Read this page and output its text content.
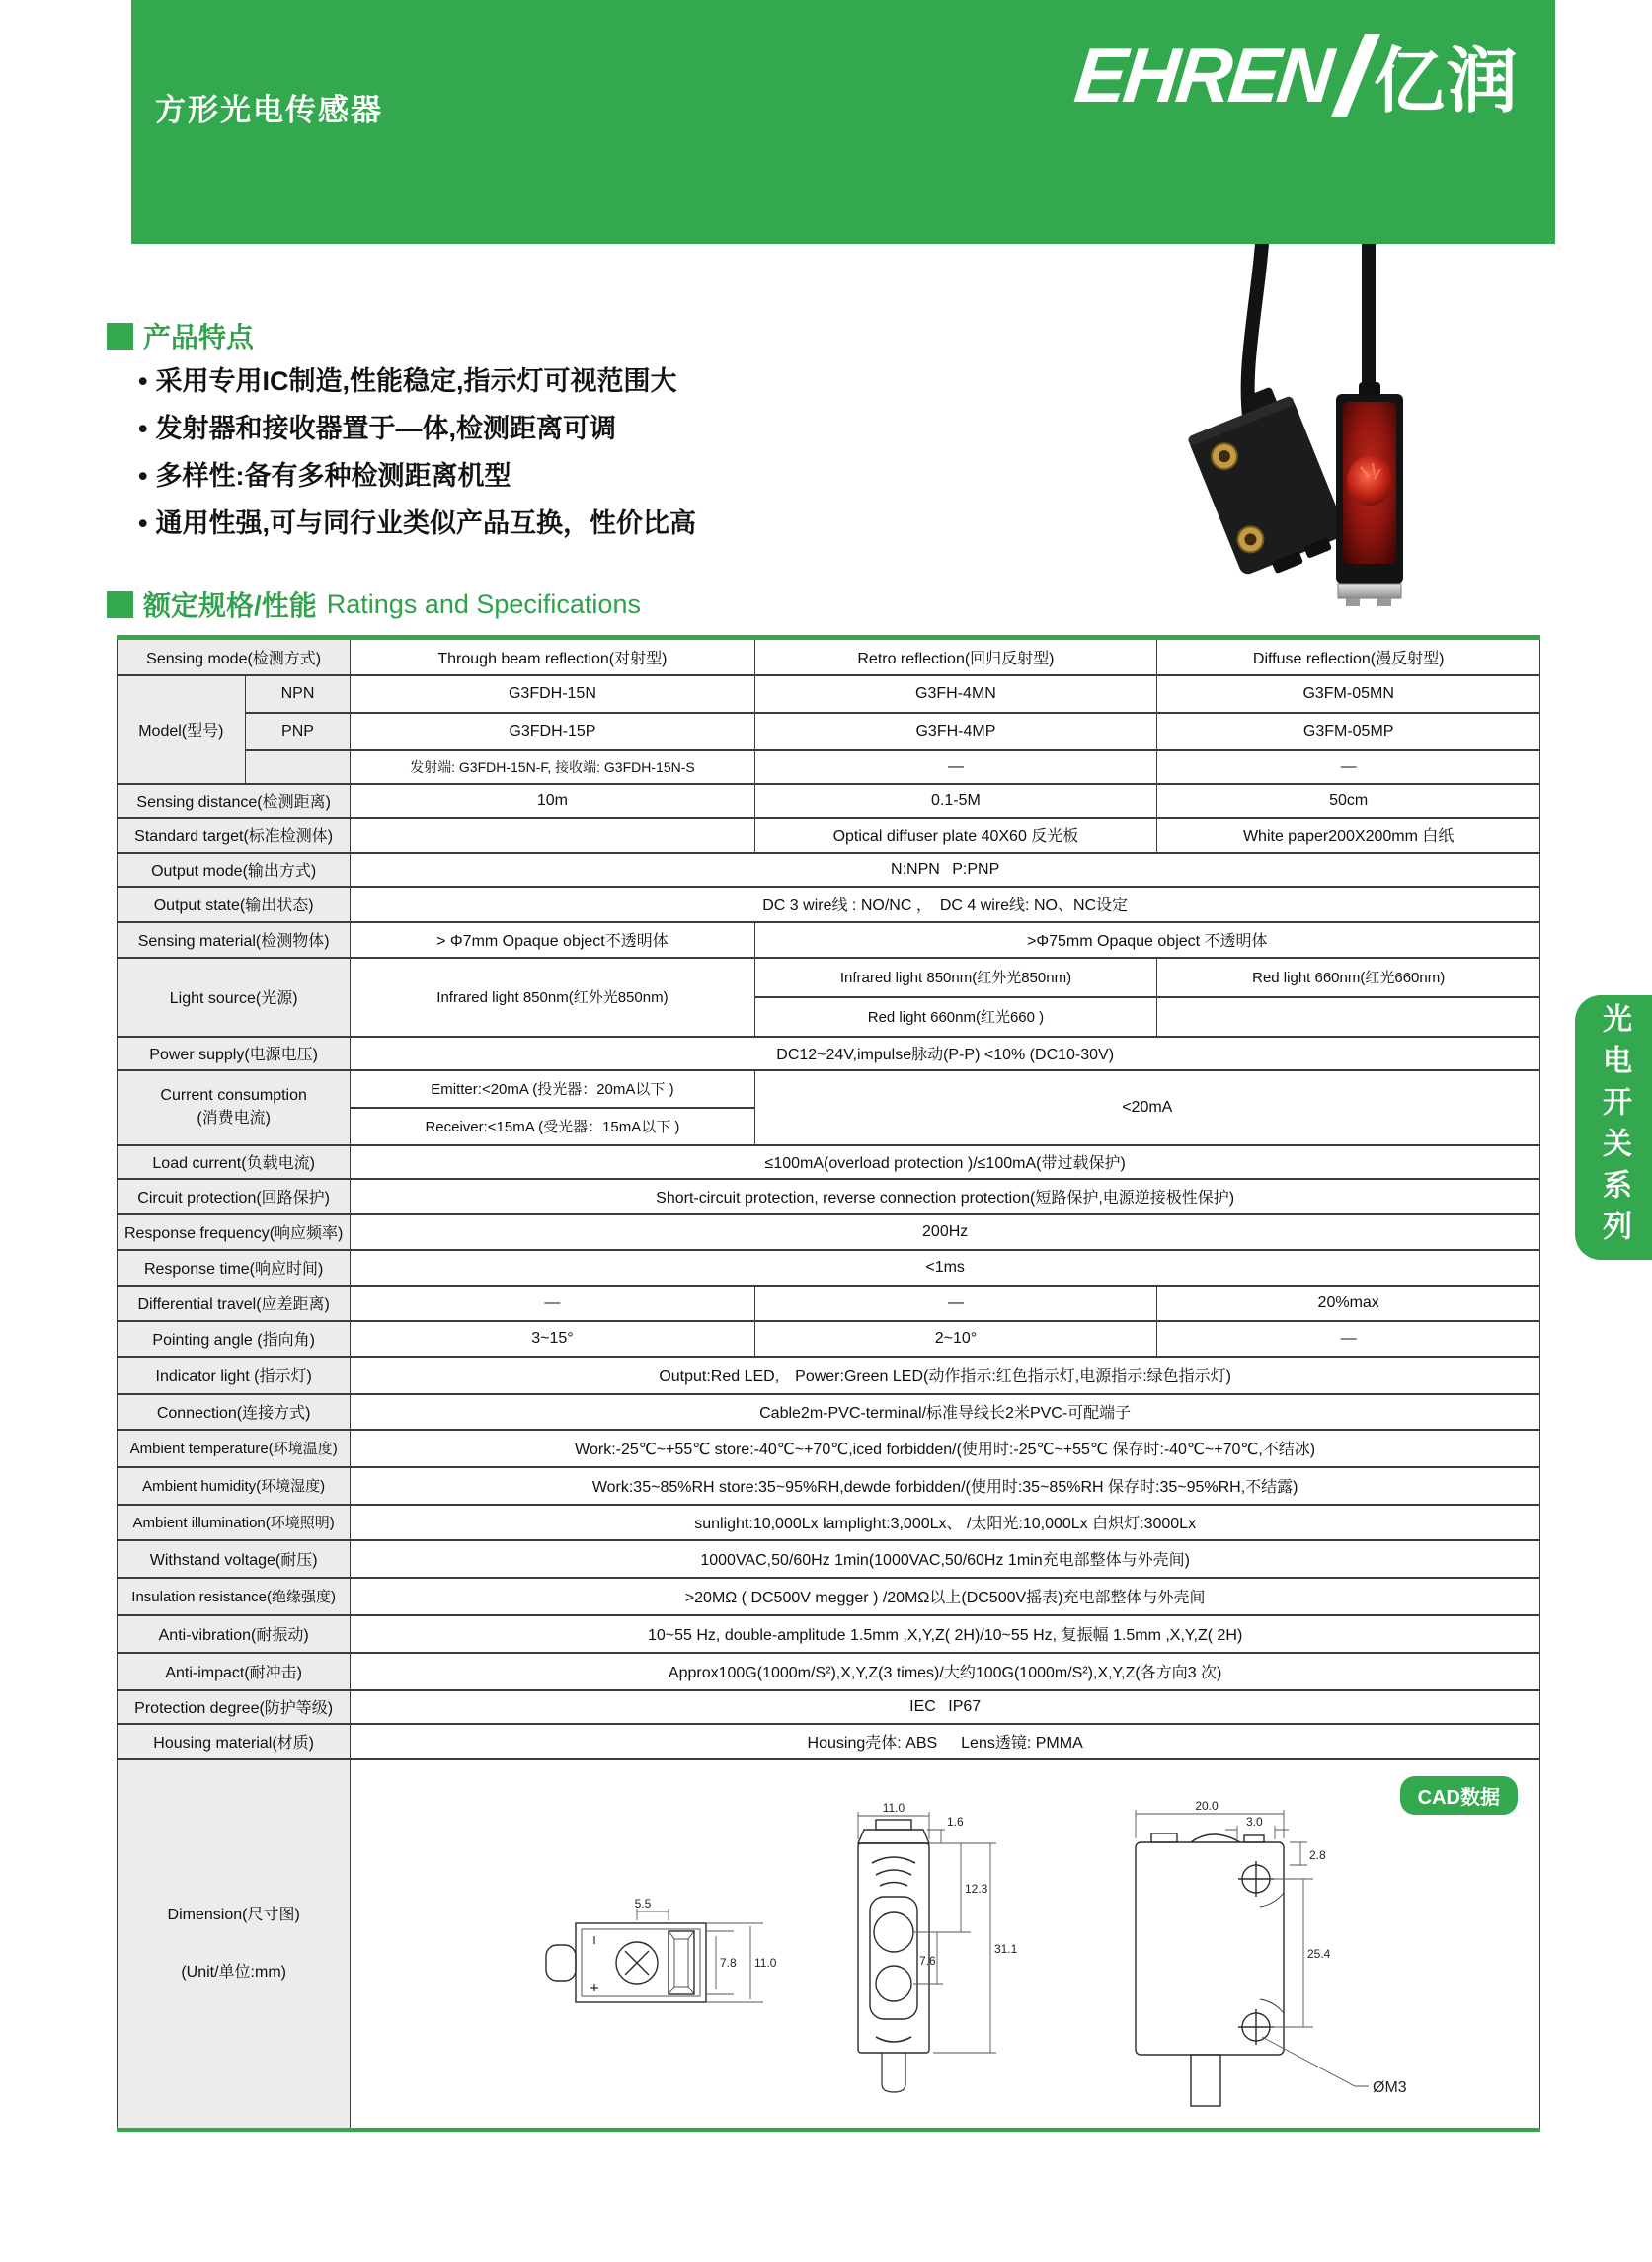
方形光电传感器	EHREN 亿润
产品特点
• 采用专用IC制造,性能稳定,指示灯可视范围大
• 发射器和接收器置于—体,检测距离可调
• 多样性:备有多种检测距离机型
• 通用性强,可与同行业类似产品互换，性价比高
额定规格/性能 Ratings and Specifications
Sensing mode(检测方式)		Through beam reflection(对射型)	Retro reflection(回归反射型)	Diffuse reflection(漫反射型)
Model(型号)	NPN	G3FDH-15N	G3FH-4MN	G3FM-05MN
	PNP	G3FDH-15P	G3FH-4MP	G3FM-05MP
		发射端: G3FDH-15N-F, 接收端: G3FDH-15N-S	—	—
Sensing distance(检测距离)		10m	0.1-5M	50cm
Standard target(标准检测体)			Optical diffuser plate 40X60 反光板	White paper200X200mm 白纸
Output mode(输出方式)		N:NPN  P:PNP		
Output state(输出状态)		DC 3 wire线 : NO/NC ， DC 4 wire线: NO、NC设定		
Sensing material(检测物体)		> Φ7mm Opaque object不透明体	>Φ75mm Opaque object 不透明体	
Light source(光源)		Infrared light 850nm(红外光850nm)	Infrared light 850nm(红外光850nm)	Red light 660nm(红光660nm)
			Red light 660nm(红光660 )	
Power supply(电源电压)		DC12~24V,impulse脉动(P-P) <10% (DC10-30V)		

Current consumption
(消费电流)		Emitter:<20mA (投光器：20mA以下 )	<20mA	
		Receiver:<15mA (受光器：15mA以下 )		
Load current(负载电流)		≤100mA(overload protection )/≤100mA(带过载保护)		
Circuit protection(回路保护)		Short-circuit protection, reverse connection protection(短路保护,电源逆接极性保护)		
Response frequency(响应频率)		200Hz		
Response time(响应时间)		<1ms		
Differential travel(应差距离)		—	—	20%max
Pointing angle (指向角)		3~15°	2~10°	—
Indicator light (指示灯)		Output:Red LED,  Power:Green LED(动作指示:红色指示灯,电源指示:绿色指示灯)		
Connection(连接方式)		Cable2m-PVC-terminal/标准导线长2米PVC-可配端子		
Ambient temperature(环境温度)		Work:-25℃~+55℃ store:-40℃~+70℃,iced forbidden/(使用时:-25℃~+55℃ 保存时:-40℃~+70℃,不结冰)		
Ambient humidity(环境湿度)		Work:35~85%RH store:35~95%RH,dewde forbidden/(使用时:35~85%RH 保存时:35~95%RH,不结露)		
Ambient illumination(环境照明)		sunlight:10,000Lx lamplight:3,000Lx、 /太阳光:10,000Lx 白炽灯:3000Lx		
Withstand voltage(耐压)		1000VAC,50/60Hz 1min(1000VAC,50/60Hz 1min充电部整体与外壳间)		
Insulation resistance(绝缘强度)		>20MΩ ( DC500V megger ) /20MΩ以上(DC500V摇表)充电部整体与外壳间		
Anti-vibration(耐振动)		10~55 Hz, double-amplitude 1.5mm ,X,Y,Z( 2H)/10~55 Hz, 复振幅 1.5mm ,X,Y,Z( 2H)		
Anti-impact(耐冲击)		Approx100G(1000m/S²),X,Y,Z(3 times)/大约100G(1000m/S²),X,Y,Z(各方向3 次)		
Protection degree(防护等级)		IEC  IP67		
Housing material(材质)		Housing壳体: ABS  Lens透镜: PMMA		

Dimension(尺寸图)
(Unit/单位:mm)

CAD数据
5.5
7.8 11.0
11.0
1.6
12.3
7.6
31.1
20.0
3.0
2.8
25.4
ØM3
光电开关系列
